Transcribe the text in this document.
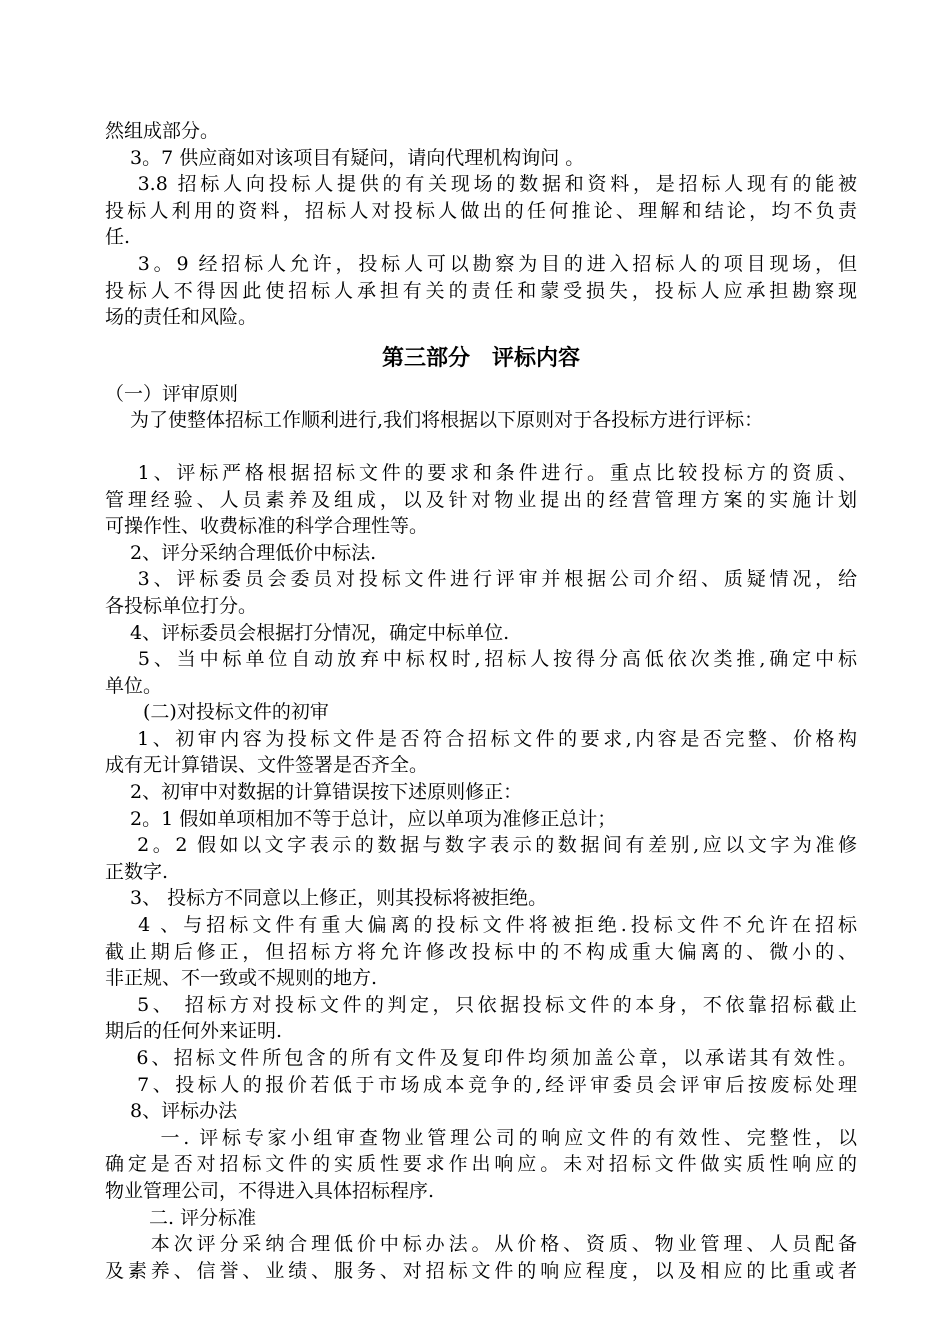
然组成部分。
　 3。7 供应商如对该项目有疑问，请向代理机构询问 。
　 3.8 招标人向投标人提供的有关现场的数据和资料，是招标人现有的能被
投标人利用的资料，招标人对投标人做出的任何推论、理解和结论，均不负责
任.
　 3。9 经招标人允许，投标人可以勘察为目的进入招标人的项目现场，但
投标人不得因此使招标人承担有关的责任和蒙受损失，投标人应承担勘察现
场的责任和风险。
第三部分　评标内容
（一）评审原则
　 为了使整体招标工作顺利进行,我们将根据以下原则对于各投标方进行评标：
　 1、评标严格根据招标文件的要求和条件进行。重点比较投标方的资质、
管理经验、人员素养及组成，以及针对物业提出的经营管理方案的实施计划
可操作性、收费标准的科学合理性等。
　 2、评分采纳合理低价中标法.
　 3、评标委员会委员对投标文件进行评审并根据公司介绍、质疑情况，给
各投标单位打分。
　 4、评标委员会根据打分情况，确定中标单位.
　 5、当中标单位自动放弃中标权时,招标人按得分高低依次类推,确定中标
单位。
　　(二)对投标文件的初审
　 1、初审内容为投标文件是否符合招标文件的要求,内容是否完整、价格构
成有无计算错误、文件签署是否齐全。
　 2、初审中对数据的计算错误按下述原则修正：
　 2。1 假如单项相加不等于总计，应以单项为准修正总计；
　 2。2 假如以文字表示的数据与数字表示的数据间有差别,应以文字为准修
正数字.
　 3、 投标方不同意以上修正，则其投标将被拒绝。
　 4 、与招标文件有重大偏离的投标文件将被拒绝.投标文件不允许在招标
截止期后修正，但招标方将允许修改投标中的不构成重大偏离的、微小的、
非正规、不一致或不规则的地方.
　 5、 招标方对投标文件的判定，只依据投标文件的本身，不依靠招标截止
期后的任何外来证明.
　 6、招标文件所包含的所有文件及复印件均须加盖公章，以承诺其有效性。
　 7、投标人的报价若低于市场成本竞争的,经评审委员会评审后按废标处理
　 8、评标办法
　　 一. 评标专家小组审查物业管理公司的响应文件的有效性、完整性，以
确定是否对招标文件的实质性要求作出响应。未对招标文件做实质性响应的
物业管理公司，不得进入具体招标程序.
　　 二. 评分标准
　　本次评分采纳合理低价中标办法。从价格、资质、物业管理、人员配备
及素养、信誉、业绩、服务、对招标文件的响应程度，以及相应的比重或者
